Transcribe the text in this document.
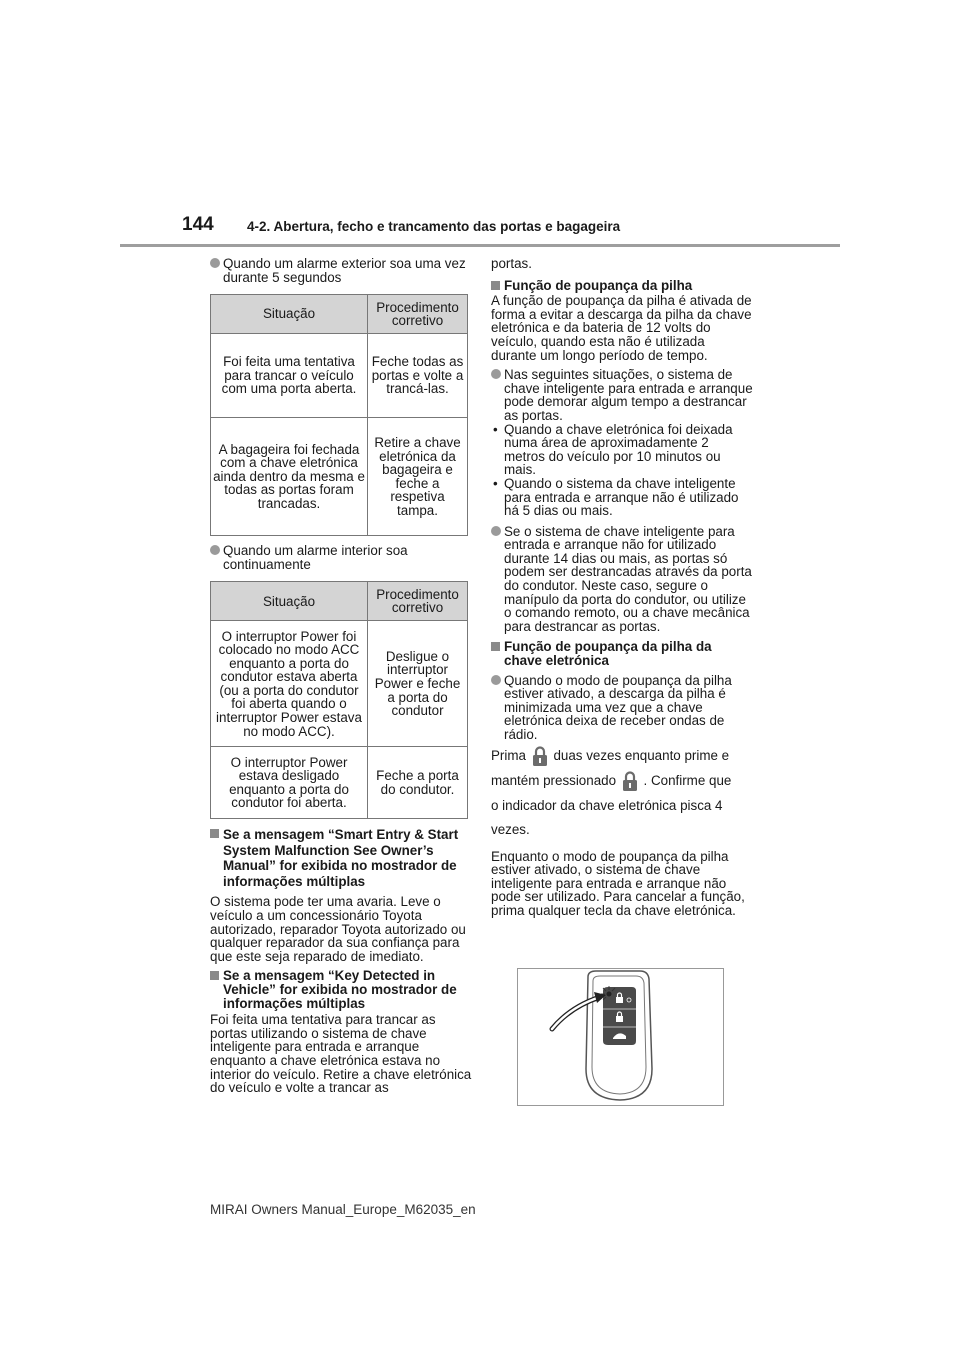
144 4-2. Abertura, fecho e trancamento das portas e bagageira
Quando um alarme exterior soa uma vez durante 5 segundos
Situação	Procedimento corretivo
Foi feita uma tentativa para trancar o veículo com uma porta aberta.	Feche todas as portas e volte a trancá-las.
A bagageira foi fechada com a chave eletrónica ainda dentro da mesma e todas as portas foram trancadas.	Retire a chave eletrónica da bagageira e feche a respetiva tampa.
Quando um alarme interior soa continuamente
Situação	Procedimento corretivo
O interruptor Power foi colocado no modo ACC enquanto a porta do condutor estava aberta (ou a porta do condutor foi aberta quando o interruptor Power estava no modo ACC).	Desligue o interruptor Power e feche a porta do condutor
O interruptor Power estava desligado enquanto a porta do condutor foi aberta.	Feche a porta do condutor.
Se a mensagem “Smart Entry & Start System Malfunction See Owner’s Manual” for exibida no mostrador de informações múltiplas

O sistema pode ter uma avaria. Leve o veículo a um concessionário Toyota autorizado, reparador Toyota autorizado ou qualquer reparador da sua confiança para que este seja reparado de imediato.

Se a mensagem “Key Detected in Vehicle” for exibida no mostrador de informações múltiplas

Foi feita uma tentativa para trancar as portas utilizando o sistema de chave inteligente para entrada e arranque enquanto a chave eletrónica estava no interior do veículo. Retire a chave eletrónica do veículo e volte a trancar as

portas.

Função de poupança da pilha

A função de poupança da pilha é ativada de forma a evitar a descarga da pilha da chave eletrónica e da bateria de 12 volts do veículo, quando esta não é utilizada durante um longo período de tempo.

Nas seguintes situações, o sistema de chave inteligente para entrada e arranque pode demorar algum tempo a destrancar as portas.
• Quando a chave eletrónica foi deixada numa área de aproximadamente 2 metros do veículo por 10 minutos ou mais.
• Quando o sistema da chave inteligente para entrada e arranque não é utilizado há 5 dias ou mais.
Se o sistema de chave inteligente para entrada e arranque não for utilizado durante 14 dias ou mais, as portas só podem ser destrancadas através da porta do condutor. Neste caso, segure o manípulo da porta do condutor, ou utilize o comando remoto, ou a chave mecânica para destrancar as portas.
Função de poupança da pilha da chave eletrónica
Quando o modo de poupança da pilha estiver ativado, a descarga da pilha é minimizada uma vez que a chave eletrónica deixa de receber ondas de rádio.
Prima duas vezes enquanto prime e
mantém pressionado . Confirme que
o indicador da chave eletrónica pisca 4
vezes.

Enquanto o modo de poupança da pilha estiver ativado, o sistema de chave inteligente para entrada e arranque não pode ser utilizado. Para cancelar a função, prima qualquer tecla da chave eletrónica.

MIRAI Owners Manual_Europe_M62035_en
